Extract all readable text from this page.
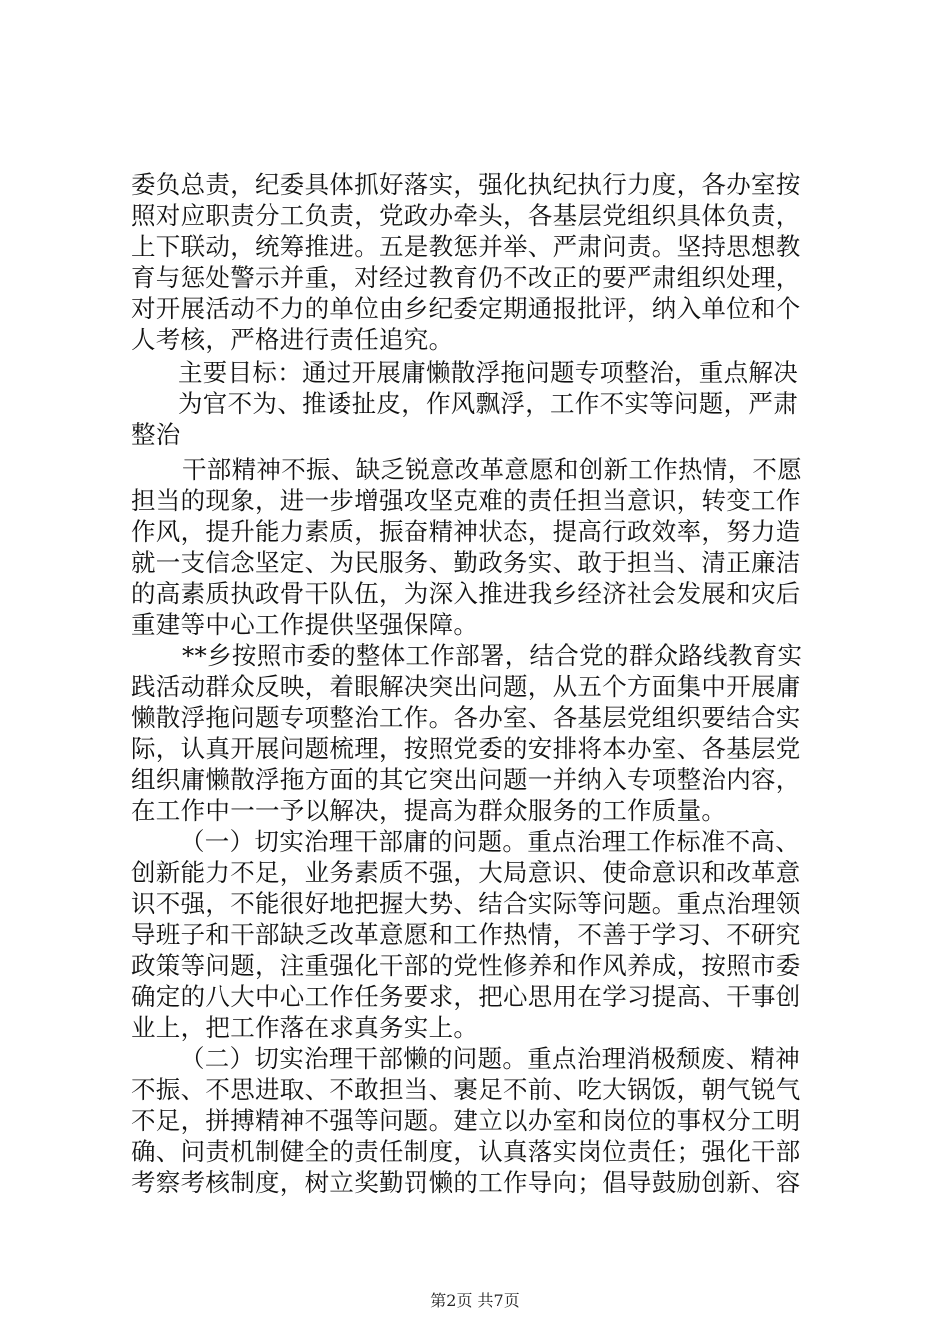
委负总责，纪委具体抓好落实，强化执纪执行力度，各办室按
照对应职责分工负责，党政办牵头，各基层党组织具体负责，
上下联动，统筹推进。五是教惩并举、严肃问责。坚持思想教
育与惩处警示并重，对经过教育仍不改正的要严肃组织处理，
对开展活动不力的单位由乡纪委定期通报批评，纳入单位和个
人考核，严格进行责任追究。
主要目标：通过开展庸懒散浮拖问题专项整治，重点解决
为官不为、推诿扯皮，作风飘浮，工作不实等问题，严肃
整治
干部精神不振、缺乏锐意改革意愿和创新工作热情，不愿
担当的现象，进一步增强攻坚克难的责任担当意识，转变工作
作风，提升能力素质，振奋精神状态，提高行政效率，努力造
就一支信念坚定、为民服务、勤政务实、敢于担当、清正廉洁
的高素质执政骨干队伍，为深入推进我乡经济社会发展和灾后
重建等中心工作提供坚强保障。
**乡按照市委的整体工作部署，结合党的群众路线教育实
践活动群众反映，着眼解决突出问题，从五个方面集中开展庸
懒散浮拖问题专项整治工作。各办室、各基层党组织要结合实
际，认真开展问题梳理，按照党委的安排将本办室、各基层党
组织庸懒散浮拖方面的其它突出问题一并纳入专项整治内容，
在工作中一一予以解决，提高为群众服务的工作质量。
（一）切实治理干部庸的问题。重点治理工作标准不高、
创新能力不足，业务素质不强，大局意识、使命意识和改革意
识不强，不能很好地把握大势、结合实际等问题。重点治理领
导班子和干部缺乏改革意愿和工作热情，不善于学习、不研究
政策等问题，注重强化干部的党性修养和作风养成，按照市委
确定的八大中心工作任务要求，把心思用在学习提高、干事创
业上，把工作落在求真务实上。
（二）切实治理干部懒的问题。重点治理消极颓废、精神
不振、不思进取、不敢担当、裹足不前、吃大锅饭，朝气锐气
不足，拼搏精神不强等问题。建立以办室和岗位的事权分工明
确、问责机制健全的责任制度，认真落实岗位责任；强化干部
考察考核制度，树立奖勤罚懒的工作导向；倡导鼓励创新、容
第2页 共7页
